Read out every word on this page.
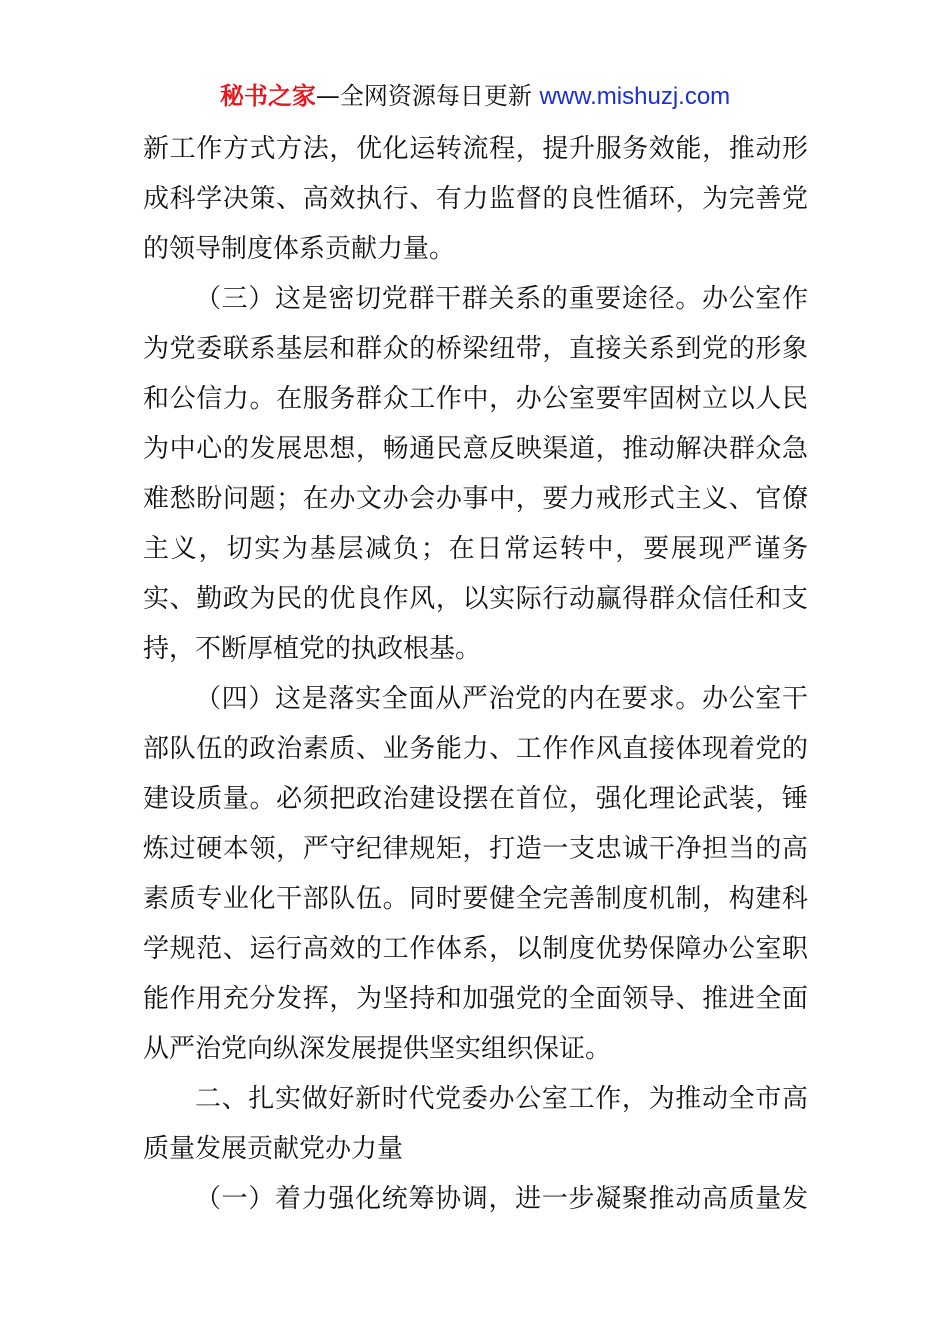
秘书之家—全网资源每日更新 www.mishuzj.com
新工作方式方法，优化运转流程，提升服务效能，推动形
成科学决策、高效执行、有力监督的良性循环，为完善党
的领导制度体系贡献力量。
（三）这是密切党群干群关系的重要途径。办公室作
为党委联系基层和群众的桥梁纽带，直接关系到党的形象
和公信力。在服务群众工作中，办公室要牢固树立以人民
为中心的发展思想，畅通民意反映渠道，推动解决群众急
难愁盼问题；在办文办会办事中，要力戒形式主义、官僚
主义，切实为基层减负；在日常运转中，要展现严谨务
实、勤政为民的优良作风，以实际行动赢得群众信任和支
持，不断厚植党的执政根基。
（四）这是落实全面从严治党的内在要求。办公室干
部队伍的政治素质、业务能力、工作作风直接体现着党的
建设质量。必须把政治建设摆在首位，强化理论武装，锤
炼过硬本领，严守纪律规矩，打造一支忠诚干净担当的高
素质专业化干部队伍。同时要健全完善制度机制，构建科
学规范、运行高效的工作体系，以制度优势保障办公室职
能作用充分发挥，为坚持和加强党的全面领导、推进全面
从严治党向纵深发展提供坚实组织保证。
二、扎实做好新时代党委办公室工作，为推动全市高
质量发展贡献党办力量
（一）着力强化统筹协调，进一步凝聚推动高质量发
